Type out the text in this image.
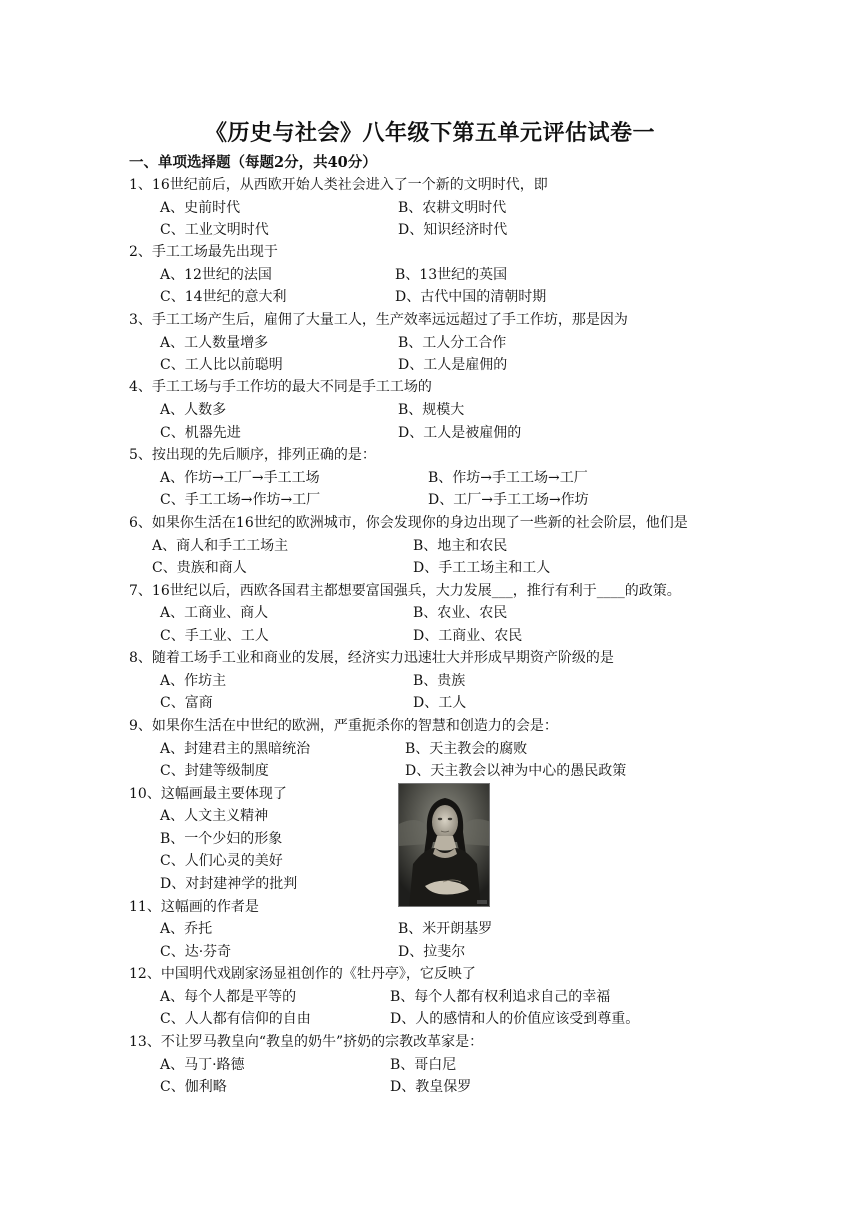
《历史与社会》八年级下第五单元评估试卷一
一、单项选择题（每题2分，共40分）
1、16世纪前后，从西欧开始人类社会进入了一个新的文明时代，即
A、史前时代	B、农耕文明时代
C、工业文明时代	D、知识经济时代
2、手工工场最先出现于
A、12世纪的法国	B、13世纪的英国
C、14世纪的意大利	D、古代中国的清朝时期
3、手工工场产生后，雇佣了大量工人，生产效率远远超过了手工作坊，那是因为
A、工人数量增多	B、工人分工合作
C、工人比以前聪明	D、工人是雇佣的
4、手工工场与手工作坊的最大不同是手工工场的
A、人数多	B、规模大
C、机器先进	D、工人是被雇佣的
5、按出现的先后顺序，排列正确的是：
A、作坊→工厂→手工工场	B、作坊→手工工场→工厂
C、手工工场→作坊→工厂	D、工厂→手工工场→作坊
6、如果你生活在16世纪的欧洲城市，你会发现你的身边出现了一些新的社会阶层，他们是
A、商人和手工工场主	B、地主和农民
C、贵族和商人	D、手工工场主和工人
7、16世纪以后，西欧各国君主都想要富国强兵，大力发展___，推行有利于____的政策。
A、工商业、商人	B、农业、农民
C、手工业、工人	D、工商业、农民
8、随着工场手工业和商业的发展，经济实力迅速壮大并形成早期资产阶级的是
A、作坊主	B、贵族
C、富商	D、工人
9、如果你生活在中世纪的欧洲，严重扼杀你的智慧和创造力的会是：
A、封建君主的黑暗统治	B、天主教会的腐败
C、封建等级制度	D、天主教会以神为中心的愚民政策
10、这幅画最主要体现了
A、人文主义精神
B、一个少妇的形象
C、人们心灵的美好
D、对封建神学的批判
11、这幅画的作者是
A、乔托	B、米开朗基罗
C、达·芬奇	D、拉斐尔
12、中国明代戏剧家汤显祖创作的《牡丹亭》，它反映了
A、每个人都是平等的	B、每个人都有权利追求自己的幸福
C、人人都有信仰的自由	D、人的感情和人的价值应该受到尊重。
13、不让罗马教皇向“教皇的奶牛”挤奶的宗教改革家是：
A、马丁·路德	B、哥白尼
C、伽利略	D、教皇保罗
